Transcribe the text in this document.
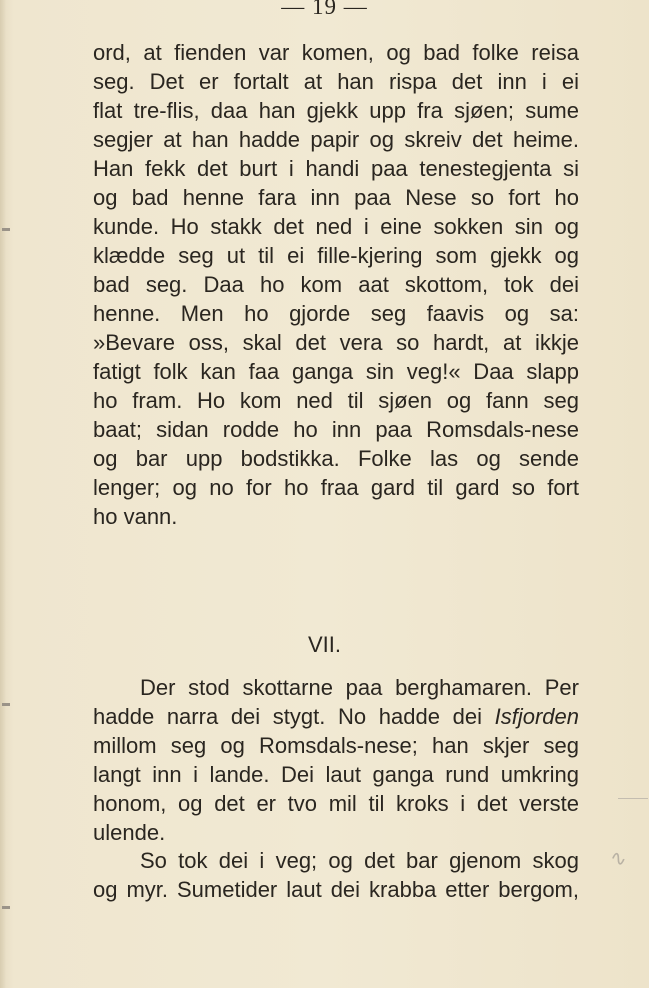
— 19 —
ord, at fienden var komen, og bad folke reisa
seg. Det er fortalt at han rispa det inn i ei
flat tre-flis, daa han gjekk upp fra sjøen; sume
segjer at han hadde papir og skreiv det heime.
Han fekk det burt i handi paa tenestegjenta si
og bad henne fara inn paa Nese so fort ho
kunde. Ho stakk det ned i eine sokken sin og
klædde seg ut til ei fille-kjering som gjekk og
bad seg. Daa ho kom aat skottom, tok dei
henne. Men ho gjorde seg faavis og sa:
»Bevare oss, skal det vera so hardt, at ikkje
fatigt folk kan faa ganga sin veg!« Daa slapp
ho fram. Ho kom ned til sjøen og fann seg
baat; sidan rodde ho inn paa Romsdals-nese
og bar upp bodstikka. Folke las og sende
lenger; og no for ho fraa gard til gard so fort
ho vann.
VII.
Der stod skottarne paa berghamaren. Per
hadde narra dei stygt. No hadde dei Isfjorden
millom seg og Romsdals-nese; han skjer seg
langt inn i lande. Dei laut ganga rund umkring
honom, og det er tvo mil til kroks i det verste
ulende.
So tok dei i veg; og det bar gjenom skog
og myr. Sumetider laut dei krabba etter bergom,
∿
